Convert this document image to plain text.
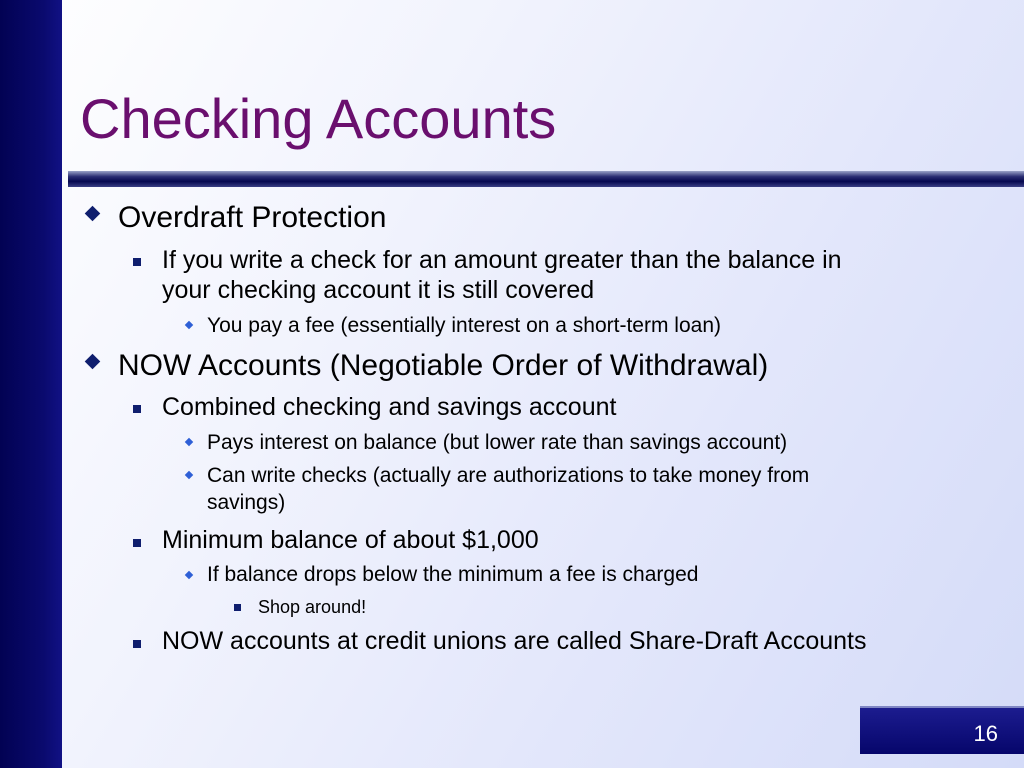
Checking Accounts
Overdraft Protection
If you write a check for an amount greater than the balance in
your checking account it is still covered
You pay a fee (essentially interest on a short-term loan)
NOW Accounts (Negotiable Order of Withdrawal)
Combined checking and savings account
Pays interest on balance (but lower rate than savings account)
Can write checks (actually are authorizations to take money from
savings)
Minimum balance of about $1,000
If balance drops below the minimum a fee is charged
Shop around!
NOW accounts at credit unions are called Share-Draft Accounts
16
